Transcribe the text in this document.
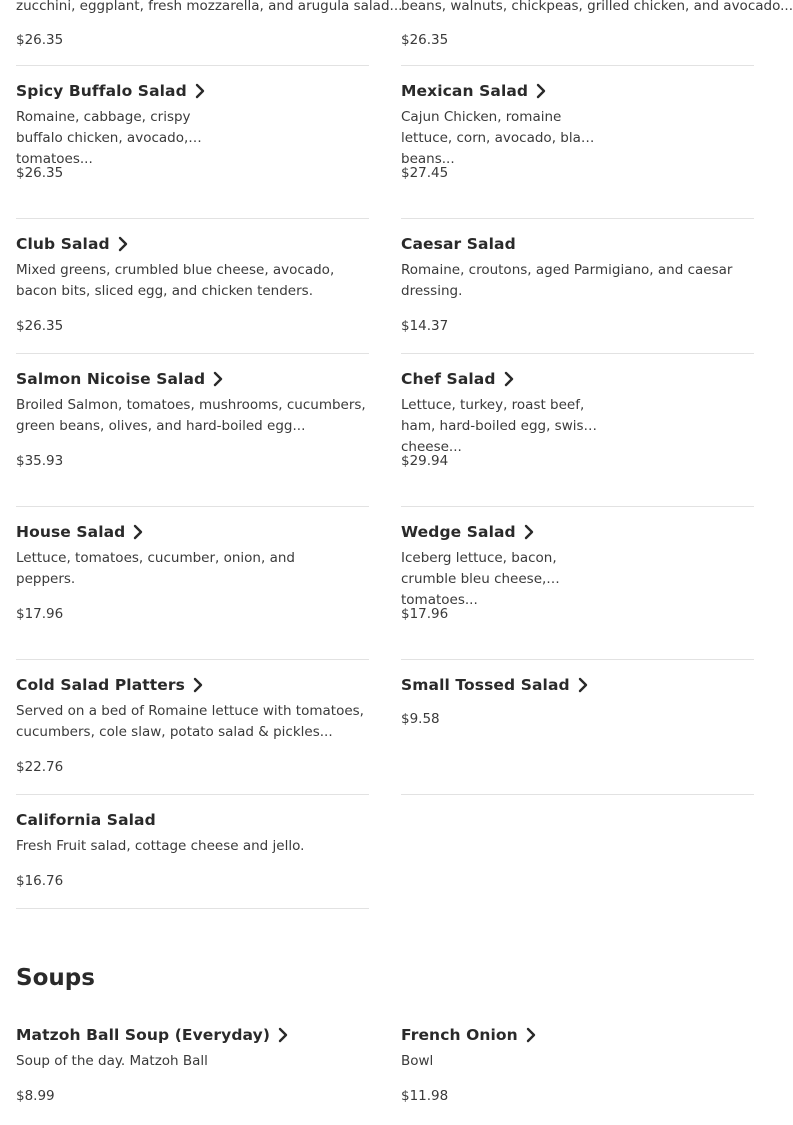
zucchini, eggplant, fresh mozzarella, and arugula salad...
$26.35
beans, walnuts, chickpeas, grilled chicken, and avocado...
$26.35
Spicy Buffalo Salad
Romaine, cabbage, crispy buffalo chicken, avocado, tomatoes...
$26.35
Mexican Salad
Cajun Chicken, romaine lettuce, corn, avocado, black beans...
$27.45
Club Salad
Mixed greens, crumbled blue cheese, avocado, bacon bits, sliced egg, and chicken tenders.
$26.35
Caesar Salad
Romaine, croutons, aged Parmigiano, and caesar dressing.
$14.37
Salmon Nicoise Salad
Broiled Salmon, tomatoes, mushrooms, cucumbers, green beans, olives, and hard-boiled egg...
$35.93
Chef Salad
Lettuce, turkey, roast beef, ham, hard-boiled egg, swiss cheese...
$29.94
House Salad
Lettuce, tomatoes, cucumber, onion, and peppers.
$17.96
Wedge Salad
Iceberg lettuce, bacon, crumble bleu cheese, tomatoes...
$17.96
Cold Salad Platters
Served on a bed of Romaine lettuce with tomatoes, cucumbers, cole slaw, potato salad & pickles...
$22.76
Small Tossed Salad
$9.58
California Salad
Fresh Fruit salad, cottage cheese and jello.
$16.76
Soups
Matzoh Ball Soup (Everyday)
Soup of the day. Matzoh Ball
$8.99
French Onion
Bowl
$11.98
